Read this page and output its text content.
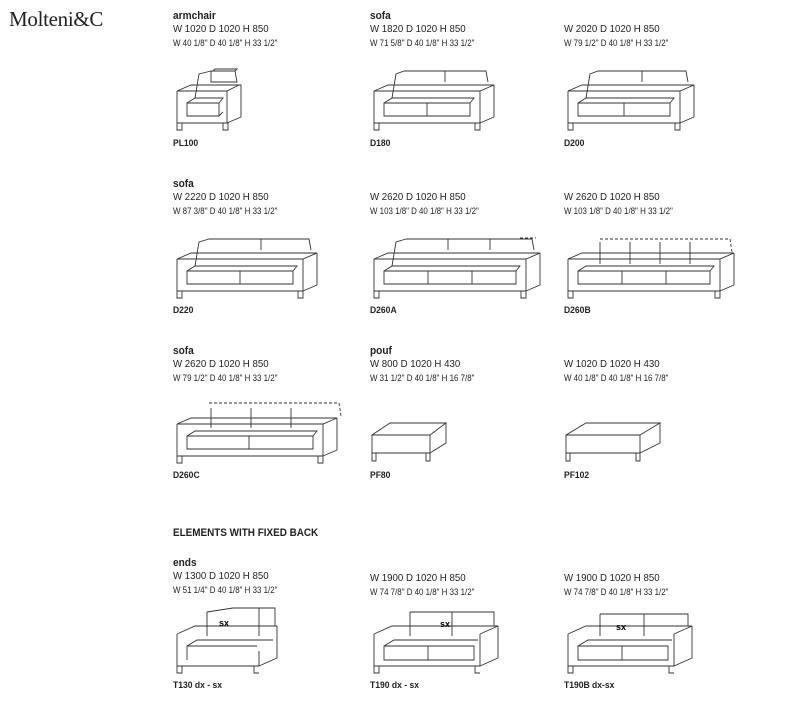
Molteni&C	armchair
W 1020 D 1020 H 850
W 40 1/8" D 40 1/8" H 33 1/2"
sofa
W 1820 D 1020 H 850
W 71 5/8" D 40 1/8" H 33 1/2"
W 2020 D 1020 H 850
W 79 1/2" D 40 1/8" H 33 1/2"
sofa
W 2220 D 1020 H 850
W 87 3/8" D 40 1/8" H 33 1/2"
W 2620 D 1020 H 850
W 103 1/8" D 40 1/8" H 33 1/2"
W 2620 D 1020 H 850
W 103 1/8" D 40 1/8" H 33 1/2"
sofa
W 2620 D 1020 H 850
W 79 1/2" D 40 1/8" H 33 1/2"
pouf
W 800 D 1020 H 430
W 31 1/2" D 40 1/8" H 16 7/8"
W 1020 D 1020 H 430
W 40 1/8" D 40 1/8" H 16 7/8"
ELEMENTS WITH FIXED BACK
ends
W 1300 D 1020 H 850
W 51 1/4" D 40 1/8" H 33 1/2"
W 1900 D 1020 H 850
W 74 7/8" D 40 1/8" H 33 1/2"
W 1900 D 1020 H 850
W 74 7/8" D 40 1/8" H 33 1/2"
PL100	D180	D200
D220	D260A	D260B
D260C	PF80	PF102
T130 dx - sx	T190 dx - sx	T190B dx-sx
sx	sx	sx
